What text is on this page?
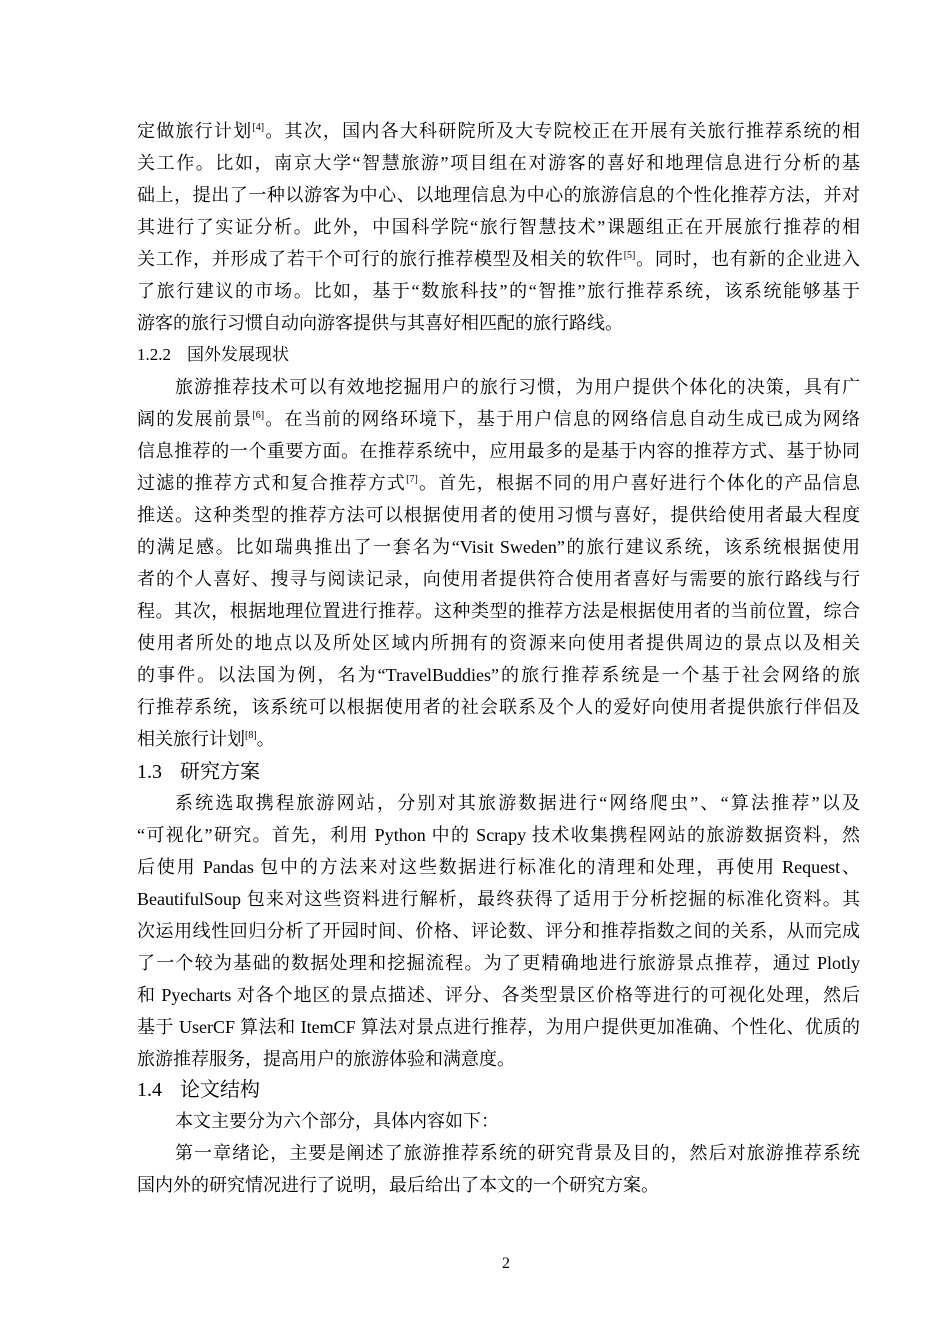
定做旅行计划[4]。其次，国内各大科研院所及大专院校正在开展有关旅行推荐系统的相
关工作。比如，南京大学“智慧旅游”项目组在对游客的喜好和地理信息进行分析的基
础上，提出了一种以游客为中心、以地理信息为中心的旅游信息的个性化推荐方法，并对
其进行了实证分析。此外，中国科学院“旅行智慧技术”课题组正在开展旅行推荐的相
关工作，并形成了若干个可行的旅行推荐模型及相关的软件[5]。同时，也有新的企业进入
了旅行建议的市场。比如，基于“数旅科技”的“智推”旅行推荐系统，该系统能够基于
游客的旅行习惯自动向游客提供与其喜好相匹配的旅行路线。
1.2.2 国外发展现状
旅游推荐技术可以有效地挖掘用户的旅行习惯，为用户提供个体化的决策，具有广
阔的发展前景[6]。在当前的网络环境下，基于用户信息的网络信息自动生成已成为网络
信息推荐的一个重要方面。在推荐系统中，应用最多的是基于内容的推荐方式、基于协同
过滤的推荐方式和复合推荐方式[7]。首先，根据不同的用户喜好进行个体化的产品信息
推送。这种类型的推荐方法可以根据使用者的使用习惯与喜好，提供给使用者最大程度
的满足感。比如瑞典推出了一套名为“Visit Sweden”的旅行建议系统，该系统根据使用
者的个人喜好、搜寻与阅读记录，向使用者提供符合使用者喜好与需要的旅行路线与行
程。其次，根据地理位置进行推荐。这种类型的推荐方法是根据使用者的当前位置，综合
使用者所处的地点以及所处区域内所拥有的资源来向使用者提供周边的景点以及相关
的事件。以法国为例，名为“TravelBuddies”的旅行推荐系统是一个基于社会网络的旅
行推荐系统，该系统可以根据使用者的社会联系及个人的爱好向使用者提供旅行伴侣及
相关旅行计划[8]。
1.3 研究方案
系统选取携程旅游网站，分别对其旅游数据进行“网络爬虫”、“算法推荐”以及
“可视化”研究。首先，利用 Python 中的 Scrapy 技术收集携程网站的旅游数据资料，然
后使用 Pandas 包中的方法来对这些数据进行标准化的清理和处理，再使用 Request、
BeautifulSoup 包来对这些资料进行解析，最终获得了适用于分析挖掘的标准化资料。其
次运用线性回归分析了开园时间、价格、评论数、评分和推荐指数之间的关系，从而完成
了一个较为基础的数据处理和挖掘流程。为了更精确地进行旅游景点推荐，通过 Plotly
和 Pyecharts 对各个地区的景点描述、评分、各类型景区价格等进行的可视化处理，然后
基于 UserCF 算法和 ItemCF 算法对景点进行推荐，为用户提供更加准确、个性化、优质的
旅游推荐服务，提高用户的旅游体验和满意度。
1.4 论文结构
本文主要分为六个部分，具体内容如下：
第一章绪论，主要是阐述了旅游推荐系统的研究背景及目的，然后对旅游推荐系统
国内外的研究情况进行了说明，最后给出了本文的一个研究方案。
2
